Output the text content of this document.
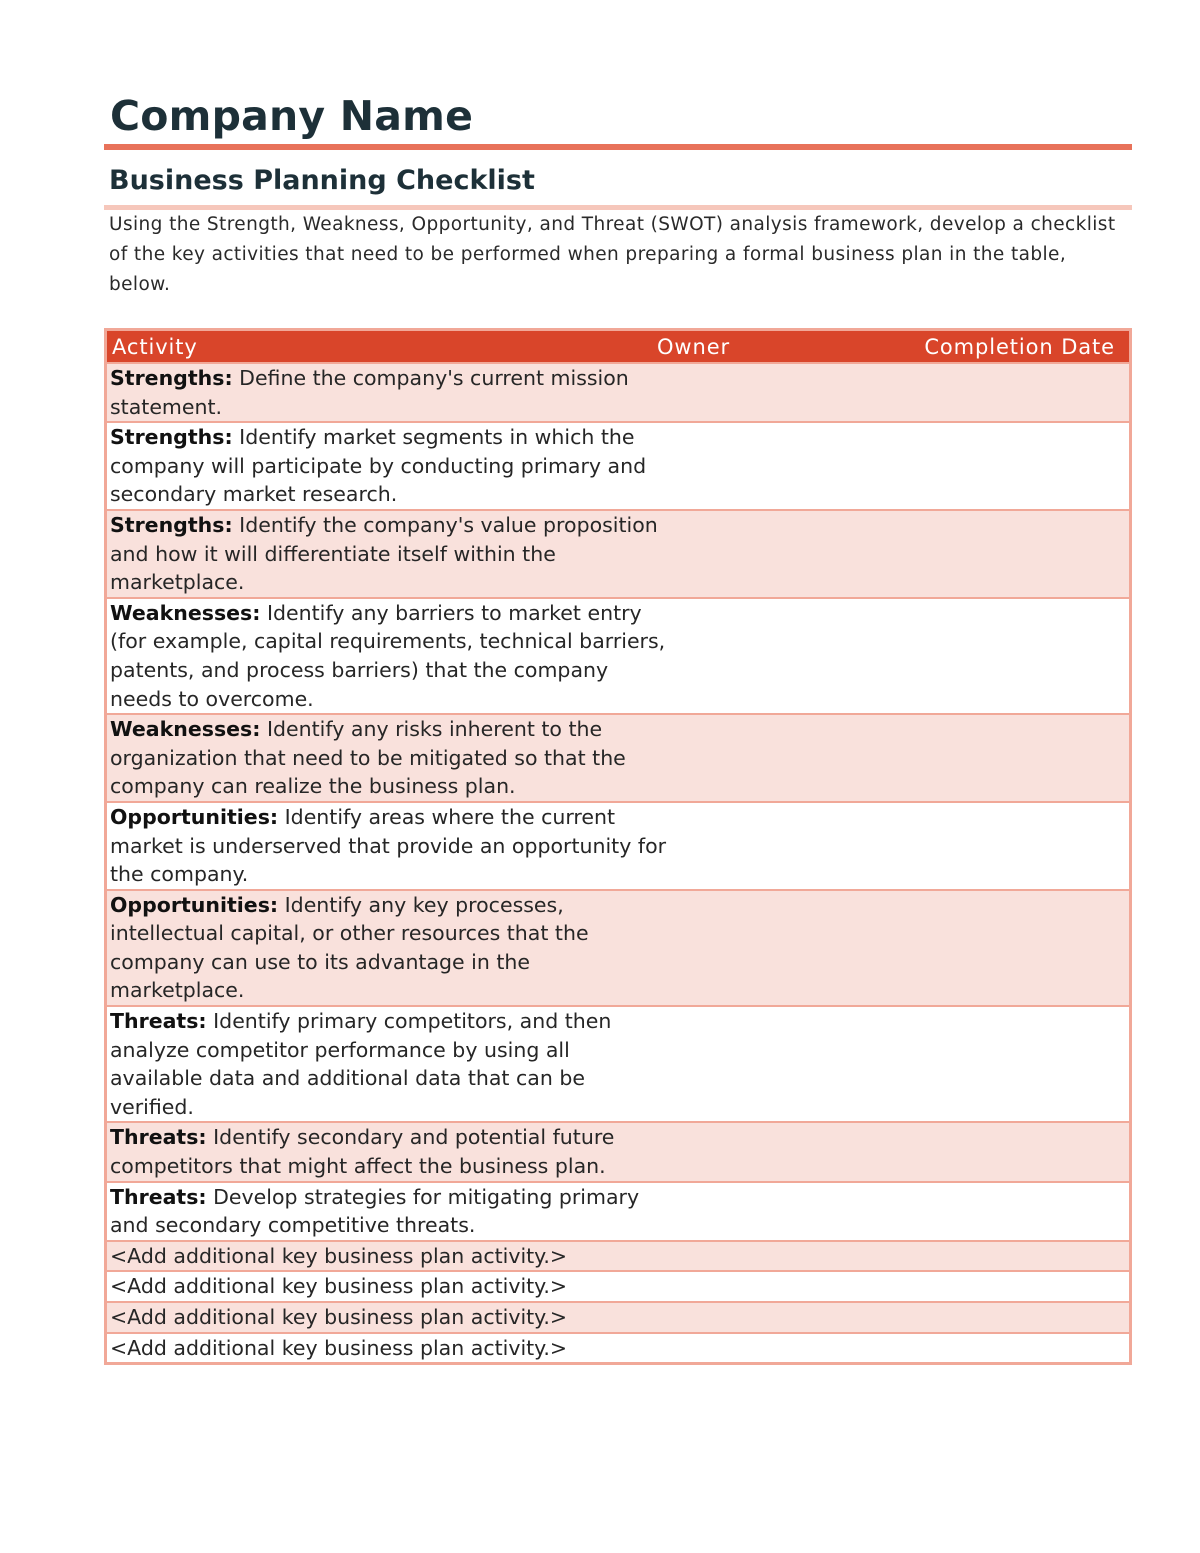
Company Name
Business Planning Checklist
Using the Strength, Weakness, Opportunity, and Threat (SWOT) analysis framework, develop a checklist of the key activities that need to be performed when preparing a formal business plan in the table, below.
Activity	Owner	Completion Date
Strengths: Define the company's current mission statement.
Strengths: Identify market segments in which the company will participate by conducting primary and secondary market research.
Strengths: Identify the company's value proposition and how it will differentiate itself within the marketplace.
Weaknesses: Identify any barriers to market entry (for example, capital requirements, technical barriers, patents, and process barriers) that the company needs to overcome.
Weaknesses: Identify any risks inherent to the organization that need to be mitigated so that the company can realize the business plan.
Opportunities: Identify areas where the current market is underserved that provide an opportunity for the company.
Opportunities: Identify any key processes, intellectual capital, or other resources that the company can use to its advantage in the marketplace.
Threats: Identify primary competitors, and then analyze competitor performance by using all available data and additional data that can be verified.
Threats: Identify secondary and potential future competitors that might affect the business plan.
Threats: Develop strategies for mitigating primary and secondary competitive threats.
<Add additional key business plan activity.>
<Add additional key business plan activity.>
<Add additional key business plan activity.>
<Add additional key business plan activity.>
